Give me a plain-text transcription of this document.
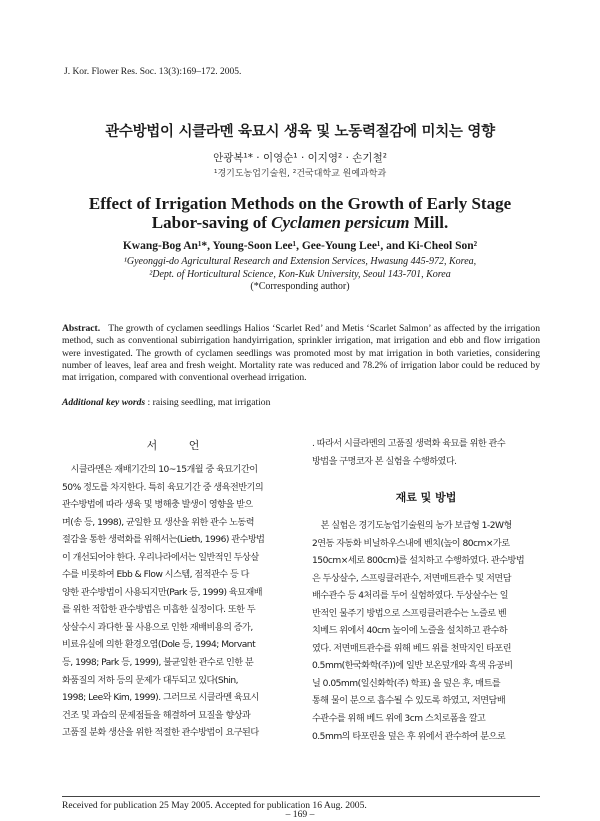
J. Kor. Flower Res. Soc. 13(3):169–172. 2005.
관수방법이 시클라멘 육묘시 생육 및 노동력절감에 미치는 영향
안광복¹* · 이영순¹ · 이지영² · 손기철²
¹경기도농업기술원, ²건국대학교 원예과학과
Effect of Irrigation Methods on the Growth of Early Stage
Labor-saving of Cyclamen persicum Mill.
Kwang-Bog An¹*, Young-Soon Lee¹, Gee-Young Lee¹, and Ki-Cheol Son²
¹Gyeonggi-do Agricultural Research and Extension Services, Hwasung 445-972, Korea,
²Dept. of Horticultural Science, Kon-Kuk University, Seoul 143-701, Korea
(*Corresponding author)
Abstract. The growth of cyclamen seedlings Halios ‘Scarlet Red’ and Metis ‘Scarlet Salmon’ as affected by the irrigation method, such as conventional subirrigation handyirrigation, sprinkler irrigation, mat irrigation and ebb and flow irrigation were investigated. The growth of cyclamen seedlings was promoted most by mat irrigation in both varieties, considering number of leaves, leaf area and fresh weight. Mortality rate was reduced and 78.2% of irrigation labor could be reduced by mat irrigation, compared with conventional overhead irrigation.
Additional key words : raising seedling, mat irrigation
서 언

　시클라멘은 재배기간의 10~15개월 중 육묘기간이

50% 정도를 차지한다. 특히 육묘기간 중 생육전반기의

관수방법에 따라 생육 및 병해충 발생이 영향을 받으

며(송 등, 1998), 균일한 묘 생산을 위한 관수 노동력

절감을 통한 생력화를 위해서는(Lieth, 1996) 관수방법

이 개선되어야 한다. 우리나라에서는 일반적인 두상살

수를 비롯하여 Ebb & Flow 시스템, 점적관수 등 다

양한 관수방법이 사용되지만(Park 등, 1999) 육묘재배

를 위한 적합한 관수방법은 미흡한 실정이다. 또한 두

상살수시 과다한 물 사용으로 인한 재배비용의 증가,

비료유실에 의한 환경오염(Dole 등, 1994; Morvant

등, 1998; Park 등, 1999), 불균일한 관수로 인한 분

화품질의 저하 등의 문제가 대두되고 있다(Shin,

1998; Lee와 Kim, 1999). 그러므로 시클라멘 육묘시

건조 및 과습의 문제점들을 해결하여 묘질을 향상과

고품질 분화 생산을 위한 적절한 관수방법이 요구된다

. 따라서 시클라멘의 고품질 생력화 육묘를 위한 관수

방법을 구명코자 본 실험을 수행하였다.

재료 및 방법

　본 실험은 경기도농업기술원의 농가 보급형 1-2W형

2연동 자동화 비닐하우스내에 벤치(높이 80cm×가로

150cm×세로 800cm)를 설치하고 수행하였다. 관수방법

은 두상살수, 스프링클러관수, 저면매트관수 및 저면담

배수관수 등 4처리를 두어 실험하였다. 두상살수는 일

반적인 물주기 방법으로 스프링클러관수는 노즐로 벤

치베드 위에서 40cm 높이에 노즐을 설치하고 관수하

였다. 저면매트관수를 위해 베드 위를 천막지인 타포린

0.5mm(한국화학(주))에 일반 보온덮개와 흑색 유공비

닐 0.05mm(일신화학(주) 학표) 을 덮은 후, 매트를

통해 물이 분으로 흡수될 수 있도록 하였고, 저면담배

수관수를 위해 베드 위에 3cm 스치로폼을 깔고

0.5mm의 타포린을 덮은 후 위에서 관수하여 분으로

Received for publication 25 May 2005. Accepted for publication 16 Aug. 2005.
– 169 –
